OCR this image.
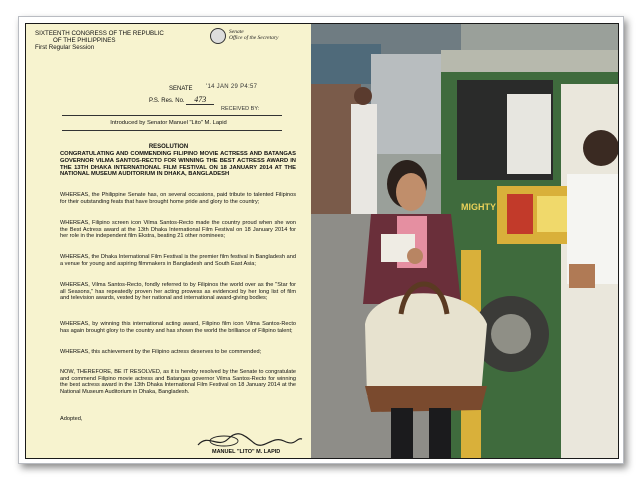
SIXTEENTH CONGRESS OF THE REPUBLIC
OF THE PHILIPPINES
First Regular Session
Senate
Office of the Secretary
'14 JAN 29 P4:57
SENATE
P.S. Res. No. 473
RECEIVED BY:
Introduced by Senator Manuel "Lito" M. Lapid
RESOLUTION
CONGRATULATING AND COMMENDING FILIPINO MOVIE ACTRESS AND BATANGAS GOVERNOR VILMA SANTOS-RECTO FOR WINNING THE BEST ACTRESS AWARD IN THE 13TH DHAKA INTERNATIONAL FILM FESTIVAL ON 18 JANUARY 2014 AT THE NATIONAL MUSEUM AUDITORIUM IN DHAKA, BANGLADESH
WHEREAS, the Philippine Senate has, on several occasions, paid tribute to talented Filipinos for their outstanding feats that have brought home pride and glory to the country;
WHEREAS, Filipino screen icon Vilma Santos-Recto made the country proud when she won the Best Actress award at the 13th Dhaka International Film Festival on 18 January 2014 for her role in the independent film Ekstra, beating 21 other nominees;
WHEREAS, the Dhaka International Film Festival is the premier film festival in Bangladesh and a venue for young and aspiring filmmakers in Bangladesh and South East Asia;
WHEREAS, Vilma Santos-Recto, fondly referred to by Filipinos the world over as the "Star for all Seasons," has repeatedly proven her acting prowess as evidenced by her long list of film and television awards, vested by her national and international award-giving bodies;
WHEREAS, by winning this international acting award, Filipino film icon Vilma Santos-Recto has again brought glory to the country and has shown the world the brilliance of Filipino talent;
WHEREAS, this achievement by the Filipino actress deserves to be commended;
NOW, THEREFORE, BE IT RESOLVED, as it is hereby resolved by the Senate to congratulate and commend Filipino movie actress and Batangas governor Vilma Santos-Recto for winning the best actress award in the 13th Dhaka International Film Festival on 18 January 2014 at the National Museum Auditorium in Dhaka, Bangladesh.
Adopted,
MANUEL "LITO" M. LAPID
MIGHTY
